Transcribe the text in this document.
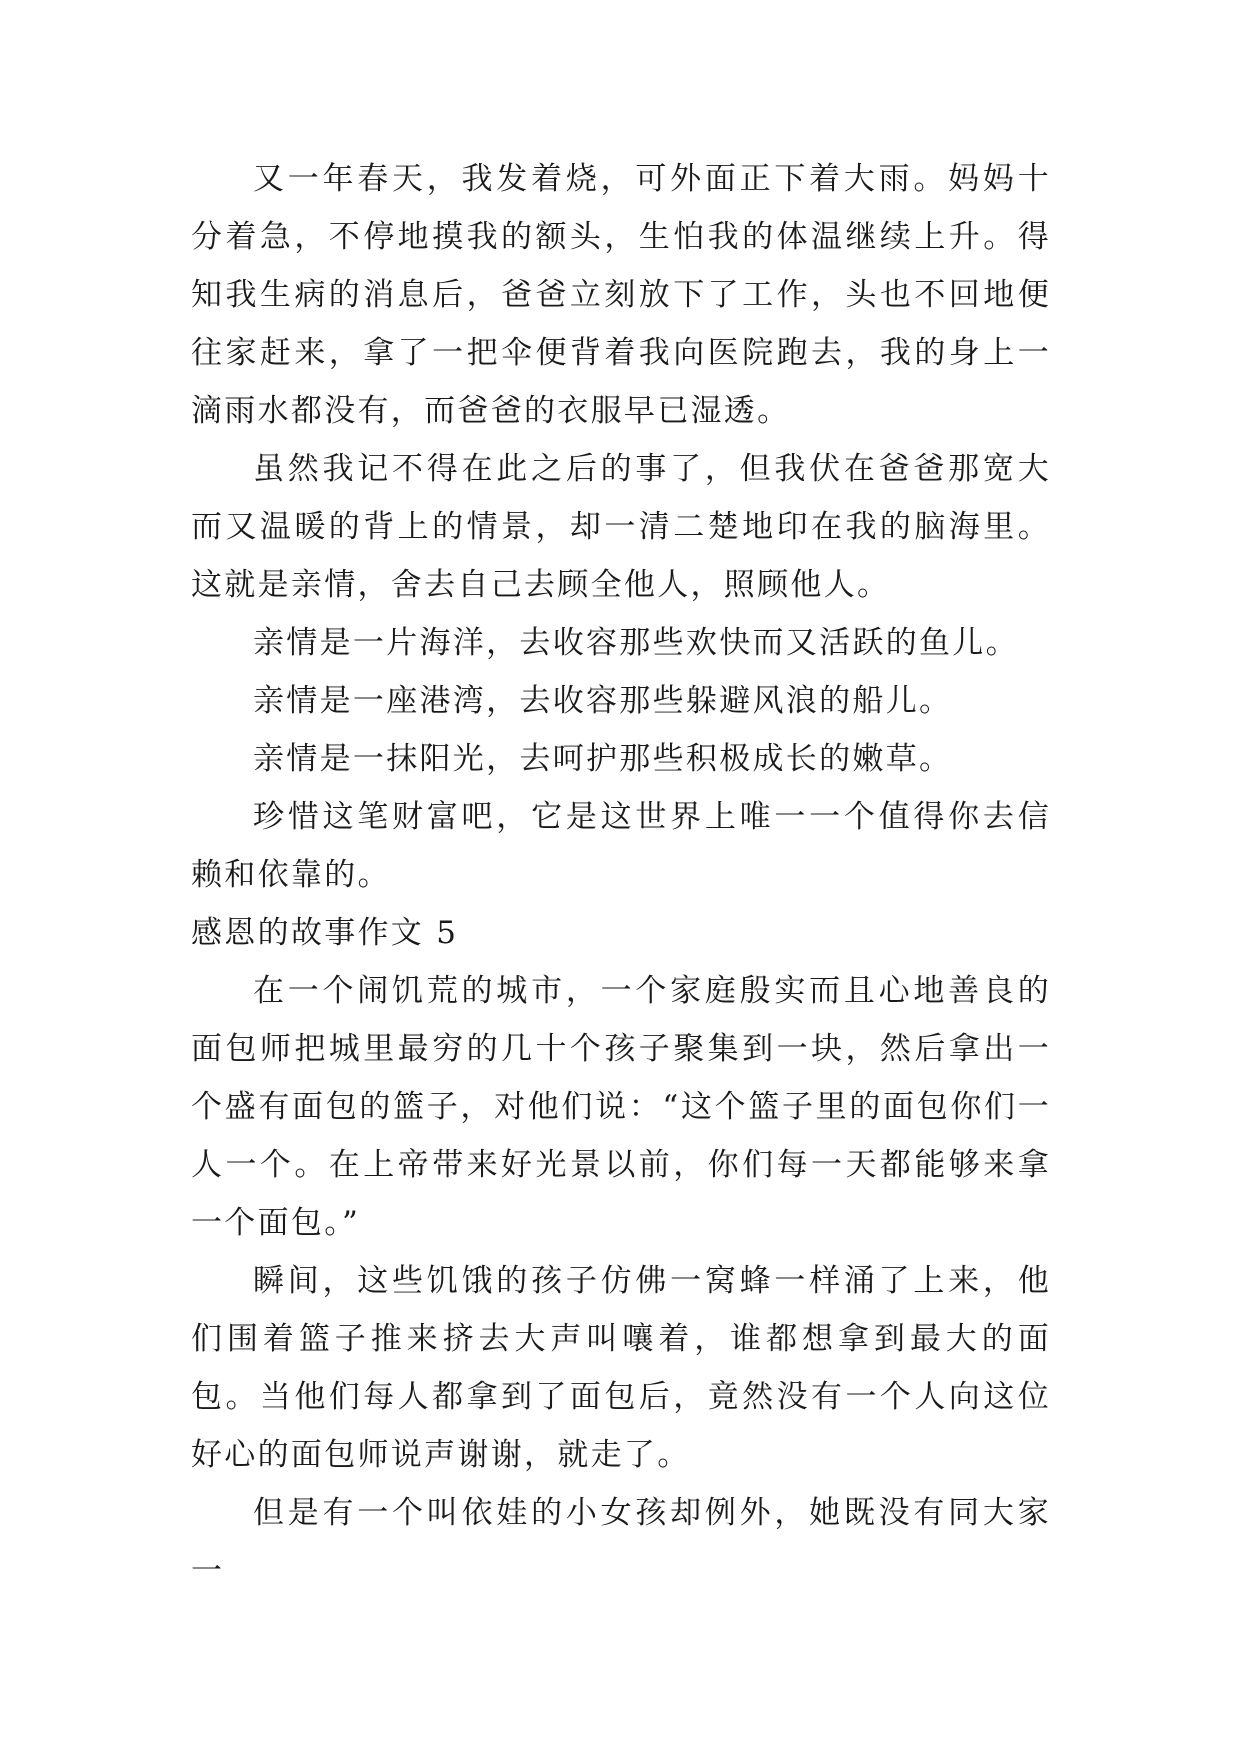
又一年春天，我发着烧，可外面正下着大雨。妈妈十分着急，不停地摸我的额头，生怕我的体温继续上升。得知我生病的消息后，爸爸立刻放下了工作，头也不回地便往家赶来，拿了一把伞便背着我向医院跑去，我的身上一滴雨水都没有，而爸爸的衣服早已湿透。

虽然我记不得在此之后的事了，但我伏在爸爸那宽大而又温暖的背上的情景，却一清二楚地印在我的脑海里。这就是亲情，舍去自己去顾全他人，照顾他人。

亲情是一片海洋，去收容那些欢快而又活跃的鱼儿。

亲情是一座港湾，去收容那些躲避风浪的船儿。

亲情是一抹阳光，去呵护那些积极成长的嫩草。

珍惜这笔财富吧，它是这世界上唯一一个值得你去信赖和依靠的。

感恩的故事作文 5

在一个闹饥荒的城市，一个家庭殷实而且心地善良的面包师把城里最穷的几十个孩子聚集到一块，然后拿出一个盛有面包的篮子，对他们说：“这个篮子里的面包你们一人一个。在上帝带来好光景以前，你们每一天都能够来拿一个面包。”

瞬间，这些饥饿的孩子仿佛一窝蜂一样涌了上来，他们围着篮子推来挤去大声叫嚷着，谁都想拿到最大的面包。当他们每人都拿到了面包后，竟然没有一个人向这位好心的面包师说声谢谢，就走了。

但是有一个叫依娃的小女孩却例外，她既没有同大家一
